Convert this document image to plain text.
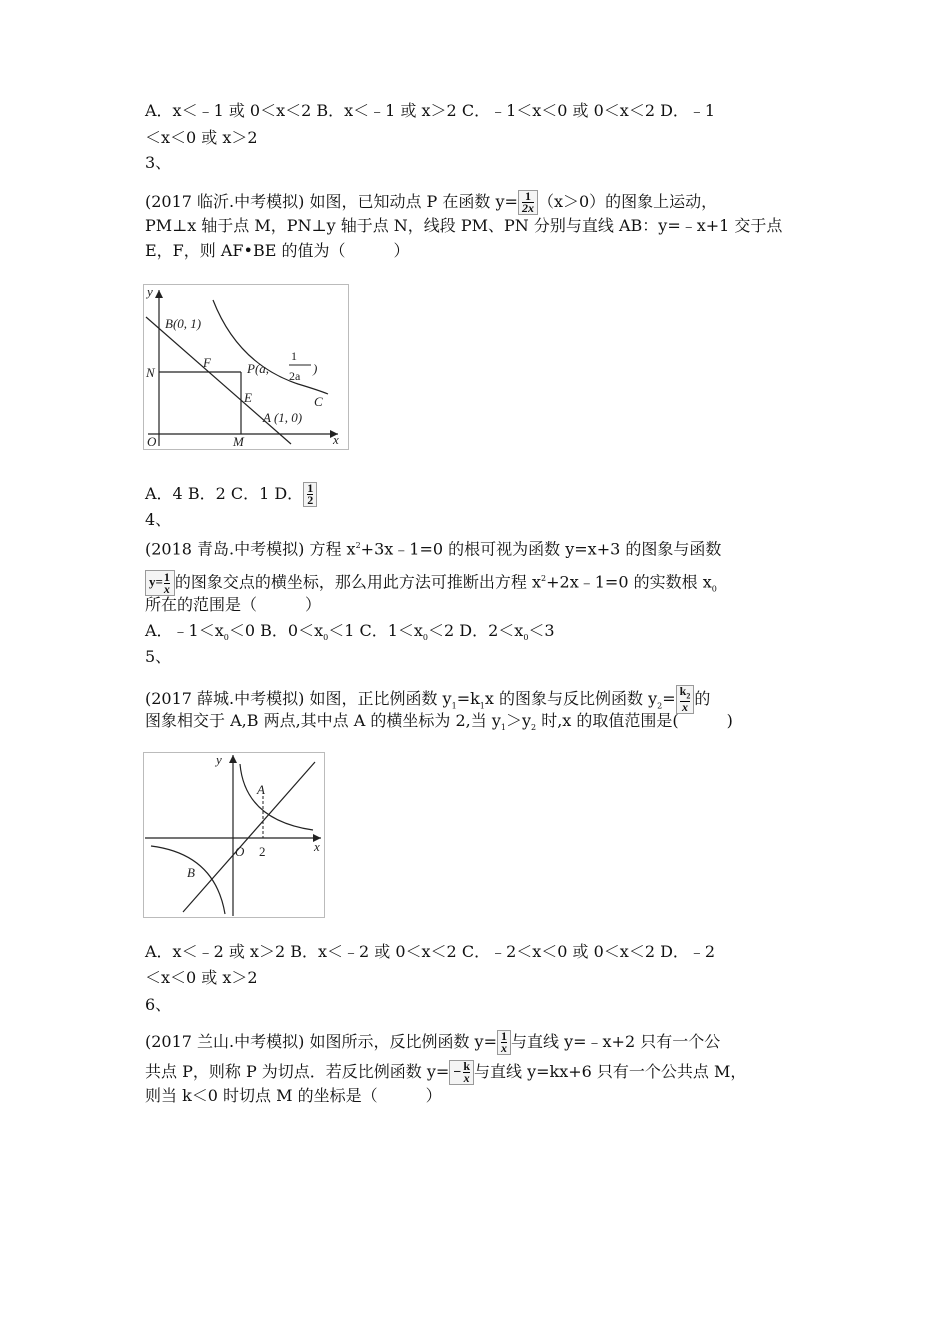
A．x＜﹣1 或 0＜x＜2 B．x＜﹣1 或 x＞2 C．﹣1＜x＜0 或 0＜x＜2 D．﹣1
＜x＜0 或 x＞2
3、
(2017 临沂.中考模拟) 如图，已知动点 P 在函数 $y= \frac{1}{2x} (x>0)$的图象上运动，
PM⊥x 轴于点 M，PN⊥y 轴于点 N，线段 PM、PN 分别与直线 AB：y=﹣x+1 交于点
E，F，则 AF•BE 的值为（　　　）
y
x
O
B(0, 1)
N
F	P(a,
1
2a )
E
A (1, 0)
C
M
A．4 B．2 C．1 D． $\frac{1}{2}$
4、
(2018 青岛.中考模拟) 方程 $x^2+3x﹣1=0$ 的根可视为函数 y=x+3 的图象与函数
$y= \frac{1}{x}$ 的图象交点的横坐标，那么用此方法可推断出方程 $x^2+2x﹣1=0$ 的实数根 $x_0$
所在的范围是（　　　）
A．$﹣1<x_0<0$ B．$0<x_0<1$ C．$1<x_0<2$ D．$2<x_0<3$
5、
(2017 薛城.中考模拟) 如图，正比例函数 $y_1=k_1x$ 的图象与反比例函数 $y_2= \frac{k_2}{x}$ 的
图象相交于 A,B 两点,其中点 A 的横坐标为 2,当 $y_1>y_2$ 时,x 的取值范围是(　　　)
y
x
O
A
B
2
A．x＜﹣2 或 x＞2 B．x＜﹣2 或 0＜x＜2 C．﹣2＜x＜0 或 0＜x＜2 D．﹣2
＜x＜0 或 x＞2
6、
(2017 兰山.中考模拟) 如图所示，反比例函数 $y= \frac{1}{x}$ 与直线 y=﹣x+2 只有一个公
共点 P，则称 P 为切点．若反比例函数 $y= - \frac{k}{x}$ 与直线 y=kx+6 只有一个公共点 M，
则当 k＜0 时切点 M 的坐标是（　　　）
